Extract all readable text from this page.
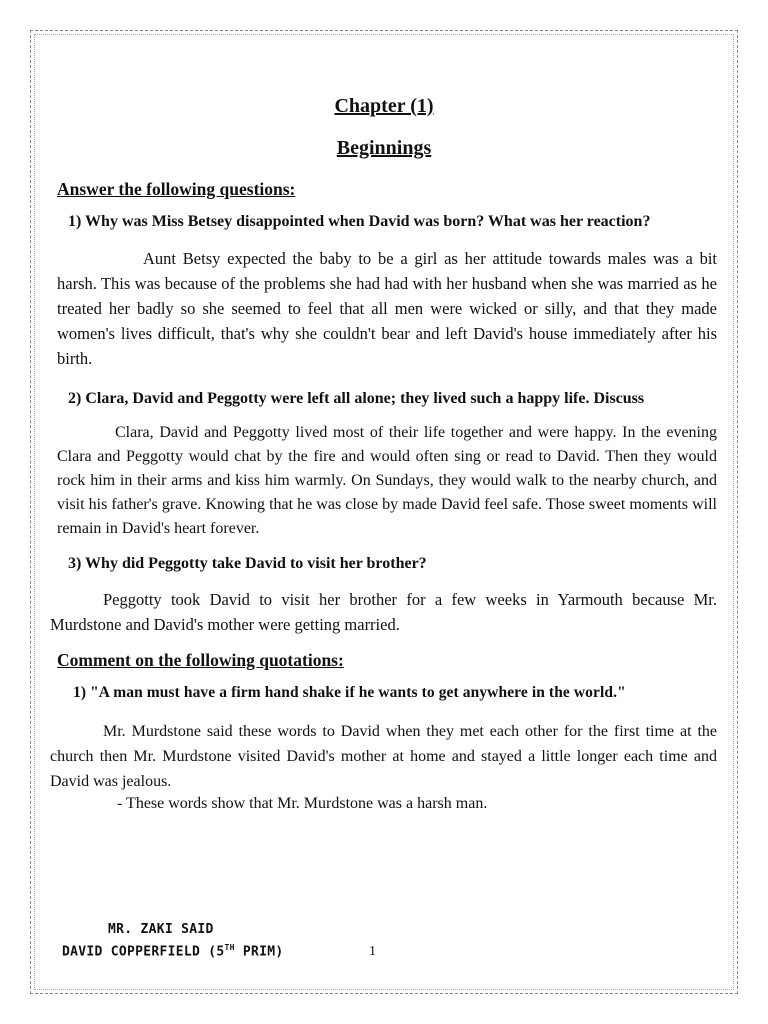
Chapter (1)
Beginnings
Answer the following questions:
1) Why was Miss Betsey disappointed when David was born? What was her reaction?
Aunt Betsy expected the baby to be a girl as her attitude towards males was a bit harsh. This was because of the problems she had had with her husband when she was married as he treated her badly so she seemed to feel that all men were wicked or silly, and that they made women's lives difficult, that's why she couldn't bear and left David's house immediately after his birth.
2) Clara, David and Peggotty were left all alone; they lived such a happy life. Discuss
Clara, David and Peggotty lived most of their life together and were happy. In the evening Clara and Peggotty would chat by the fire and would often sing or read to David. Then they would rock him in their arms and kiss him warmly. On Sundays, they would walk to the nearby church, and visit his father's grave. Knowing that he was close by made David feel safe. Those sweet moments will remain in David's heart forever.
3) Why did Peggotty take David to visit her brother?
Peggotty took David to visit her brother for a few weeks in Yarmouth because Mr. Murdstone and David's mother were getting married.
Comment on the following quotations:
1) "A man must have a firm hand shake if he wants to get anywhere in the world."
Mr. Murdstone said these words to David when they met each other for the first time at the church then Mr. Murdstone visited David's mother at home and stayed a little longer each time and David was jealous.
- These words show that Mr. Murdstone was a harsh man.
MR. ZAKI SAID
DAVID COPPERFIELD (5TH PRIM)	1
